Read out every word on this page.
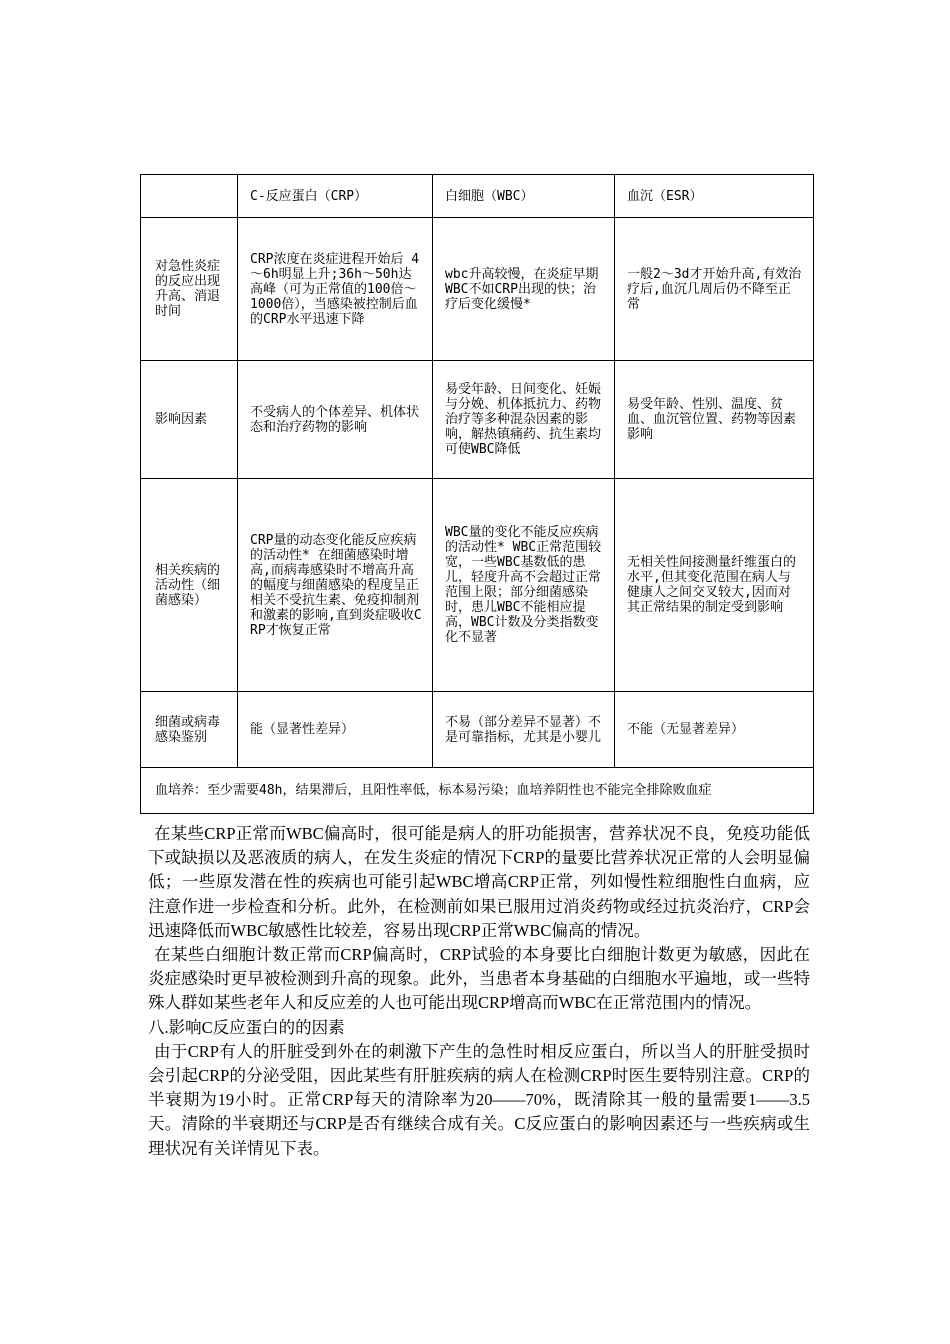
	C-反应蛋白（CRP）	白细胞（WBC）	血沉（ESR）
对急性炎症的反应出现升高、消退时间	CRP浓度在炎症进程开始后 4～6h明显上升;36h～50h达高峰（可为正常值的100倍～1000倍），当感染被控制后血的CRP水平迅速下降	wbc升高较慢，在炎症早期WBC不如CRP出现的快；治疗后变化缓慢*	一般2～3d才开始升高,有效治疗后,血沉几周后仍不降至正常
影响因素	不受病人的个体差异、机体状态和治疗药物的影响	易受年龄、日间变化、妊娠与分娩、机体抵抗力、药物治疗等多种混杂因素的影响，解热镇痛药、抗生素均可使WBC降低	易受年龄、性别、温度、贫血、血沉管位置、药物等因素影响
相关疾病的活动性（细菌感染）	CRP量的动态变化能反应疾病的活动性* 在细菌感染时增高,而病毒感染时不增高升高的幅度与细菌感染的程度呈正相关不受抗生素、免疫抑制剂和激素的影响,直到炎症吸收CRP才恢复正常	WBC量的变化不能反应疾病的活动性* WBC正常范围较宽，一些WBC基数低的患儿，轻度升高不会超过正常范围上限；部分细菌感染时，患儿WBC不能相应提高，WBC计数及分类指数变化不显著	无相关性间接测量纤维蛋白的水平,但其变化范围在病人与健康人之间交叉较大,因而对其正常结果的制定受到影响
细菌或病毒感染鉴别	能（显著性差异）	不易（部分差异不显著）不是可靠指标，尤其是小婴儿	不能（无显著差异）
血培养：至少需要48h，结果滞后，且阳性率低，标本易污染；血培养阴性也不能完全排除败血症			

在某些CRP正常而WBC偏高时，很可能是病人的肝功能损害，营养状况不良，免疫功能低下或缺损以及恶液质的病人，在发生炎症的情况下CRP的量要比营养状况正常的人会明显偏低；一些原发潜在性的疾病也可能引起WBC增高CRP正常，列如慢性粒细胞性白血病，应注意作进一步检查和分析。此外，在检测前如果已服用过消炎药物或经过抗炎治疗，CRP会迅速降低而WBC敏感性比较差，容易出现CRP正常WBC偏高的情况。

在某些白细胞计数正常而CRP偏高时，CRP试验的本身要比白细胞计数更为敏感，因此在炎症感染时更早被检测到升高的现象。此外，当患者本身基础的白细胞水平遍地，或一些特殊人群如某些老年人和反应差的人也可能出现CRP增高而WBC在正常范围内的情况。

八.影响C反应蛋白的的因素

由于CRP有人的肝脏受到外在的刺激下产生的急性时相反应蛋白，所以当人的肝脏受损时会引起CRP的分泌受阻，因此某些有肝脏疾病的病人在检测CRP时医生要特别注意。CRP的半衰期为19小时。正常CRP每天的清除率为20——70%，既清除其一般的量需要1——3.5天。清除的半衰期还与CRP是否有继续合成有关。C反应蛋白的影响因素还与一些疾病或生理状况有关详情见下表。
